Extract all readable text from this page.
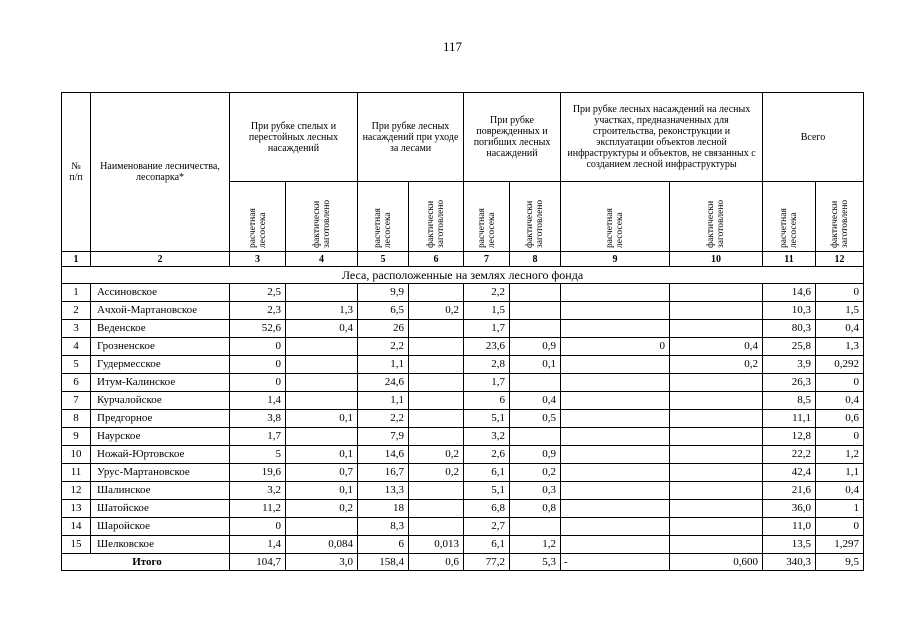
117
№
п/п	Наименование лесничества, лесопарка*	При рубке спелых и перестойных лесных насаждений		При рубке лесных насаждений при уходе за лесами		При рубке поврежденных и погибших лесных насаждений		При рубке лесных насаждений на лесных участках, предназначенных для строительства, реконструкции и эксплуатации объектов лесной инфраструктуры и объектов, не связанных с созданием лесной инфраструктуры		Всего	
		расчетная лесосека	фактически заготовлено	расчетная лесосека	фактически заготовлено	расчетная лесосека	фактически заготовлено	расчетная лесосека	фактически заготовлено	расчетная лесосека	фактически заготовлено
1	2	3	4	5	6	7	8	9	10	11	12
Леса, расположенные на землях лесного фонда											
1	Ассиновское	2,5		9,9		2,2				14,6	0
2	Ачхой-Мартановское	2,3	1,3	6,5	0,2	1,5				10,3	1,5
3	Веденское	52,6	0,4	26		1,7				80,3	0,4
4	Грозненское	0		2,2		23,6	0,9	0	0,4	25,8	1,3
5	Гудермесское	0		1,1		2,8	0,1		0,2	3,9	0,292
6	Итум-Калинское	0		24,6		1,7				26,3	0
7	Курчалойское	1,4		1,1		6	0,4			8,5	0,4
8	Предгорное	3,8	0,1	2,2		5,1	0,5			11,1	0,6
9	Наурское	1,7		7,9		3,2				12,8	0
10	Ножай-Юртовское	5	0,1	14,6	0,2	2,6	0,9			22,2	1,2
11	Урус-Мартановское	19,6	0,7	16,7	0,2	6,1	0,2			42,4	1,1
12	Шалинское	3,2	0,1	13,3		5,1	0,3			21,6	0,4
13	Шатойское	11,2	0,2	18		6,8	0,8			36,0	1
14	Шаройское	0		8,3		2,7				11,0	0
15	Шелковское	1,4	0,084	6	0,013	6,1	1,2			13,5	1,297
Итого		104,7	3,0	158,4	0,6	77,2	5,3	-	0,600	340,3	9,5
